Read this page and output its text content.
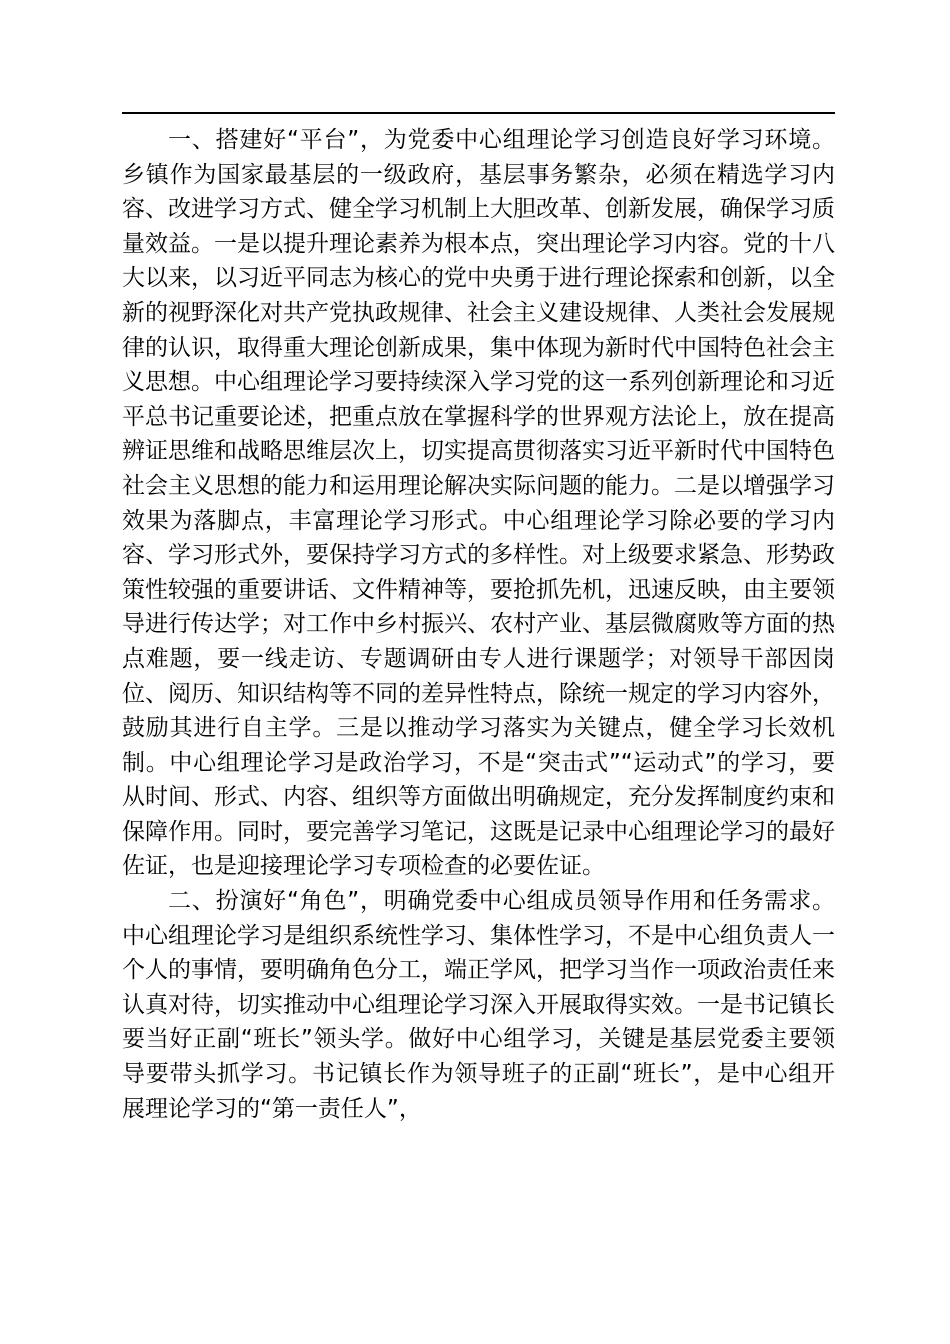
一、搭建好“平台”，为党委中心组理论学习创造良好学习环境。乡镇作为国家最基层的一级政府，基层事务繁杂，必须在精选学习内容、改进学习方式、健全学习机制上大胆改革、创新发展，确保学习质量效益。一是以提升理论素养为根本点，突出理论学习内容。党的十八大以来，以习近平同志为核心的党中央勇于进行理论探索和创新，以全新的视野深化对共产党执政规律、社会主义建设规律、人类社会发展规律的认识，取得重大理论创新成果，集中体现为新时代中国特色社会主义思想。中心组理论学习要持续深入学习党的这一系列创新理论和习近平总书记重要论述，把重点放在掌握科学的世界观方法论上，放在提高辨证思维和战略思维层次上，切实提高贯彻落实习近平新时代中国特色社会主义思想的能力和运用理论解决实际问题的能力。二是以增强学习效果为落脚点，丰富理论学习形式。中心组理论学习除必要的学习内容、学习形式外，要保持学习方式的多样性。对上级要求紧急、形势政策性较强的重要讲话、文件精神等，要抢抓先机，迅速反映，由主要领导进行传达学；对工作中乡村振兴、农村产业、基层微腐败等方面的热点难题，要一线走访、专题调研由专人进行课题学；对领导干部因岗位、阅历、知识结构等不同的差异性特点，除统一规定的学习内容外，鼓励其进行自主学。三是以推动学习落实为关键点，健全学习长效机制。中心组理论学习是政治学习，不是“突击式”“运动式”的学习，要从时间、形式、内容、组织等方面做出明确规定，充分发挥制度约束和保障作用。同时，要完善学习笔记，这既是记录中心组理论学习的最好佐证，也是迎接理论学习专项检查的必要佐证。

二、扮演好“角色”，明确党委中心组成员领导作用和任务需求。中心组理论学习是组织系统性学习、集体性学习，不是中心组负责人一个人的事情，要明确角色分工，端正学风，把学习当作一项政治责任来认真对待，切实推动中心组理论学习深入开展取得实效。一是书记镇长要当好正副“班长”领头学。做好中心组学习，关键是基层党委主要领导要带头抓学习。书记镇长作为领导班子的正副“班长”，是中心组开展理论学习的“第一责任人”，
